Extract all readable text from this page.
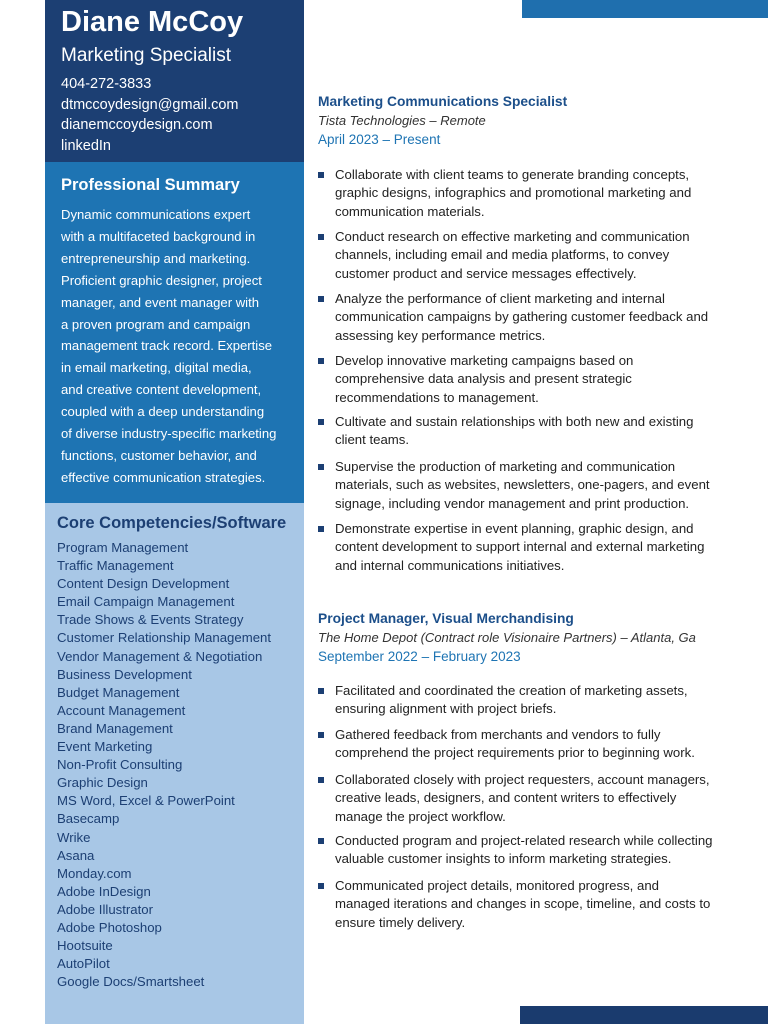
Diane McCoy
Marketing Specialist
404-272-3833
dtmccoydesign@gmail.com
dianemccoydesign.com
linkedIn
Professional Summary

Dynamic communications expert
with a multifaceted background in
entrepreneurship and marketing.
Proficient graphic designer, project
manager, and event manager with
a proven program and campaign
management track record. Expertise
in email marketing, digital media,
and creative content development,
coupled with a deep understanding
of diverse industry-specific marketing
functions, customer behavior, and
effective communication strategies.

Core Competencies/Software
Program Management
Traffic Management
Content Design Development
Email Campaign Management
Trade Shows & Events Strategy
Customer Relationship Management
Vendor Management & Negotiation
Business Development
Budget Management
Account Management
Brand Management
Event Marketing
Non-Profit Consulting
Graphic Design
MS Word, Excel & PowerPoint
Basecamp
Wrike
Asana
Monday.com
Adobe InDesign
Adobe Illustrator
Adobe Photoshop
Hootsuite
AutoPilot
Google Docs/Smartsheet
Marketing Communications Specialist
Tista Technologies – Remote
April 2023 – Present
Collaborate with client teams to generate branding concepts,
graphic designs, infographics and promotional marketing and
communication materials.
Conduct research on effective marketing and communication
channels, including email and media platforms, to convey
customer product and service messages effectively.
Analyze the performance of client marketing and internal
communication campaigns by gathering customer feedback and
assessing key performance metrics.
Develop innovative marketing campaigns based on
comprehensive data analysis and present strategic
recommendations to management.
Cultivate and sustain relationships with both new and existing
client teams.
Supervise the production of marketing and communication
materials, such as websites, newsletters, one-pagers, and event
signage, including vendor management and print production.
Demonstrate expertise in event planning, graphic design, and
content development to support internal and external marketing
and internal communications initiatives.
Project Manager, Visual Merchandising
The Home Depot (Contract role Visionaire Partners) – Atlanta, Ga
September 2022 – February 2023
Facilitated and coordinated the creation of marketing assets,
ensuring alignment with project briefs.
Gathered feedback from merchants and vendors to fully
comprehend the project requirements prior to beginning work.
Collaborated closely with project requesters, account managers,
creative leads, designers, and content writers to effectively
manage the project workflow.
Conducted program and project-related research while collecting
valuable customer insights to inform marketing strategies.
Communicated project details, monitored progress, and
managed iterations and changes in scope, timeline, and costs to
ensure timely delivery.
